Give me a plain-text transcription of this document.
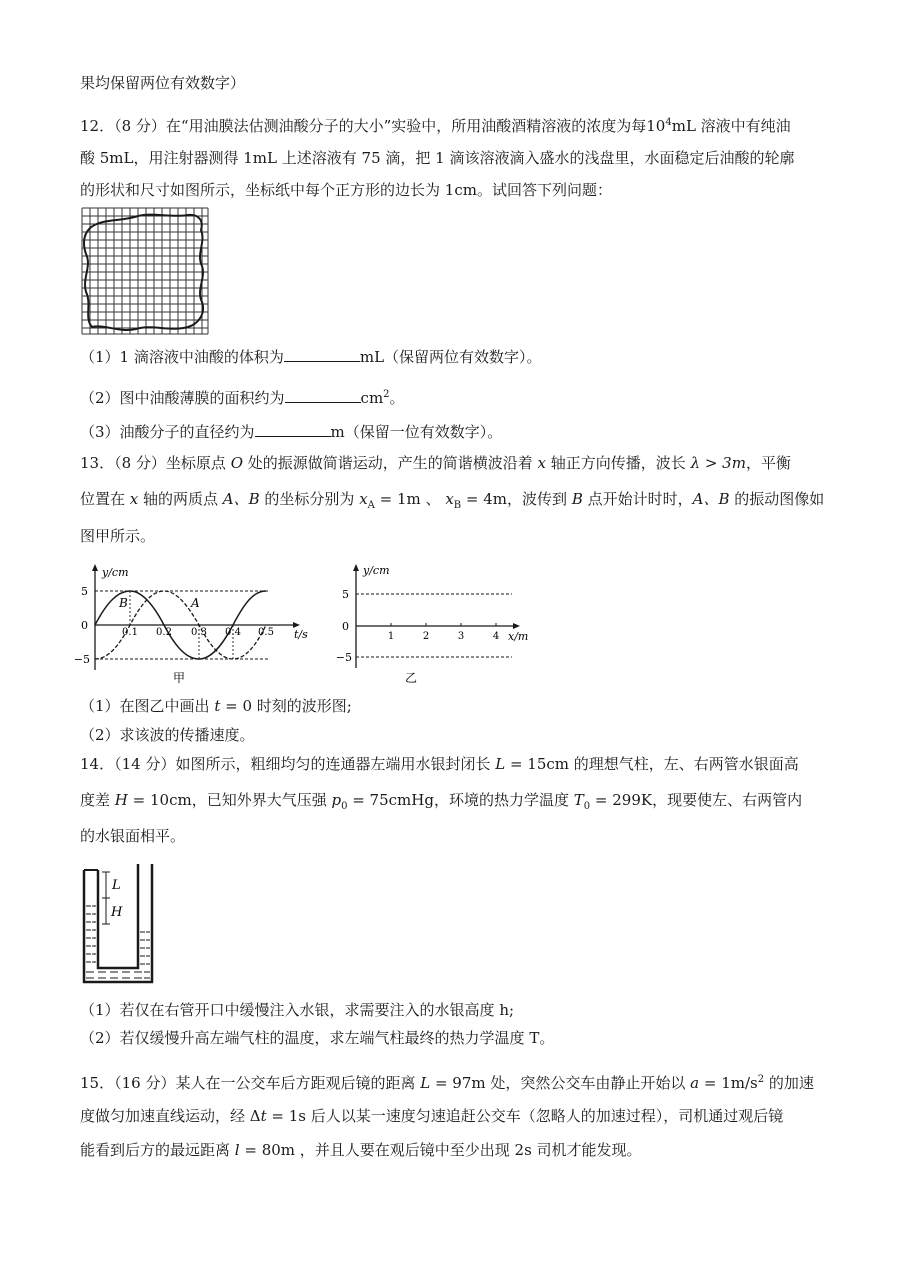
果均保留两位有效数字）
12．（8 分）在“用油膜法估测油酸分子的大小”实验中，所用油酸酒精溶液的浓度为每$10^4mL$ 溶液中有纯油
酸 5mL，用注射器测得 1mL 上述溶液有 75 滴，把 1 滴该溶液滴入盛水的浅盘里，水面稳定后油酸的轮廓
的形状和尺寸如图所示，坐标纸中每个正方形的边长为 1cm。试回答下列问题：
（1）1 滴溶液中油酸的体积为	mL（保留两位有效数字）。
（2）图中油酸薄膜的面积约为	$cm^2$。
（3）油酸分子的直径约为	m（保留一位有效数字）。
13．（8 分）坐标原点 O 处的振源做简谐运动，产生的简谐横波沿着 x 轴正方向传播，波长 λ > 3m，平衡
位置在 x 轴的两质点 A、B 的坐标分别为 $x_A = 1m$ 、 $x_B = 4m$，波传到 B 点开始计时时，A、B 的振动图像如
图甲所示。
y/cm
5
0
−5
0.1 0.2 0.3 0.4 0.5 t/s
B	A
甲
y/cm
5
0
−5
1	2	3	4 x/m
乙
（1）在图乙中画出 t = 0 时刻的波形图;
（2）求该波的传播速度。
14．（14 分）如图所示，粗细均匀的连通器左端用水银封闭长 L = 15cm 的理想气柱，左、右两管水银面高
度差 H = 10cm，已知外界大气压强 $p_0$ = 75cmHg，环境的热力学温度 $T_0 = 299K$，现要使左、右两管内
的水银面相平。
L
H
（1）若仅在右管开口中缓慢注入水银，求需要注入的水银高度 h;
（2）若仅缓慢升高左端气柱的温度，求左端气柱最终的热力学温度 T。
15．（16 分）某人在一公交车后方距观后镜的距离 L = 97m 处，突然公交车由静止开始以 $a = 1m/s^2$ 的加速
度做匀加速直线运动，经 Δt = 1s 后人以某一速度匀速追赶公交车（忽略人的加速过程），司机通过观后镜
能看到后方的最远距离 l = 80m ，并且人要在观后镜中至少出现 2s 司机才能发现。
